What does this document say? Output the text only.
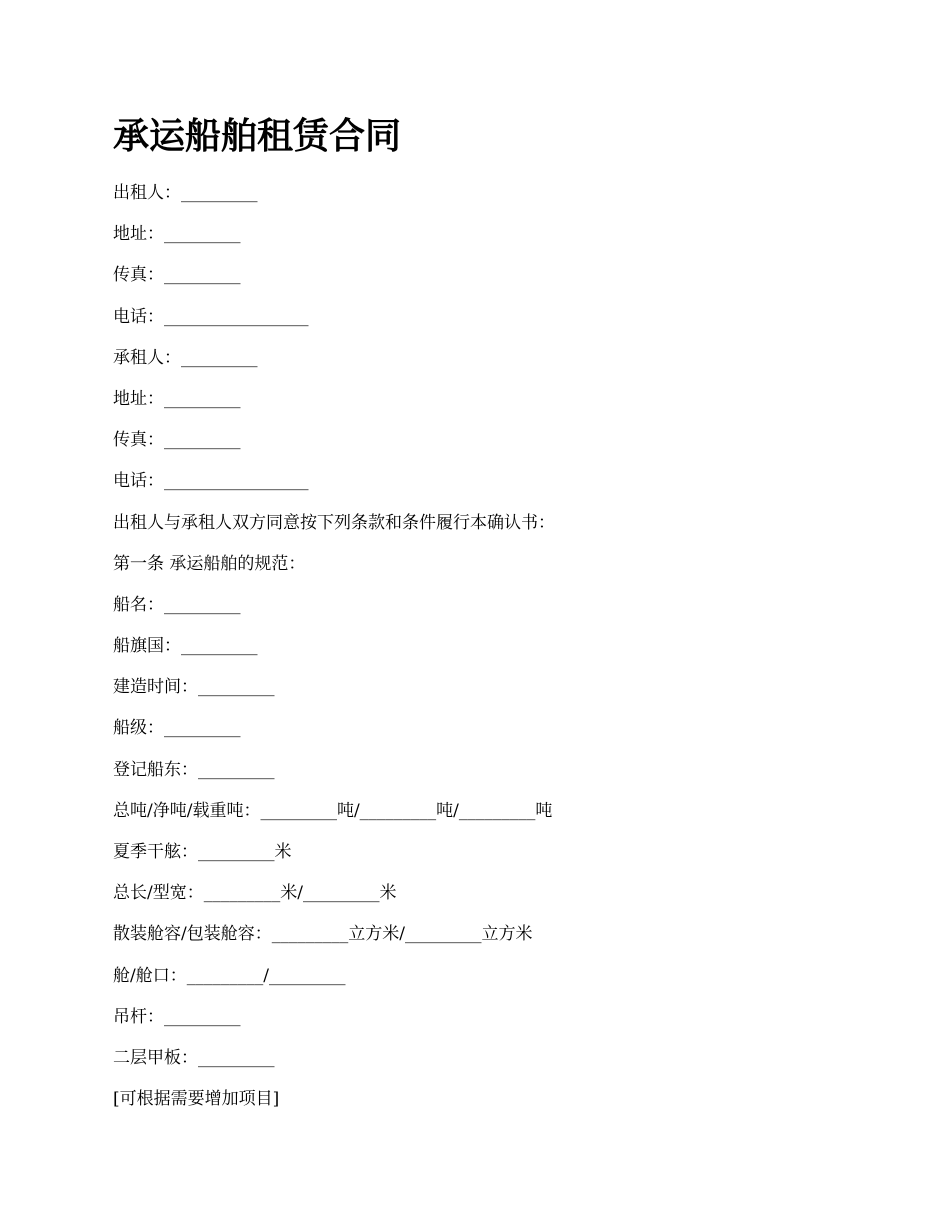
承运船舶租赁合同
出租人：_________
地址：_________
传真：_________
电话：_________________
承租人：_________
地址：_________
传真：_________
电话：_________________
出租人与承租人双方同意按下列条款和条件履行本确认书：
第一条 承运船舶的规范：
船名：_________
船旗国：_________
建造时间：_________
船级：_________
登记船东：_________
总吨/净吨/载重吨：_________吨/_________吨/_________吨
夏季干舷：_________米
总长/型宽：_________米/_________米
散装舱容/包装舱容：_________立方米/_________立方米
舱/舱口：_________/_________
吊杆：_________
二层甲板：_________
[可根据需要增加项目]
